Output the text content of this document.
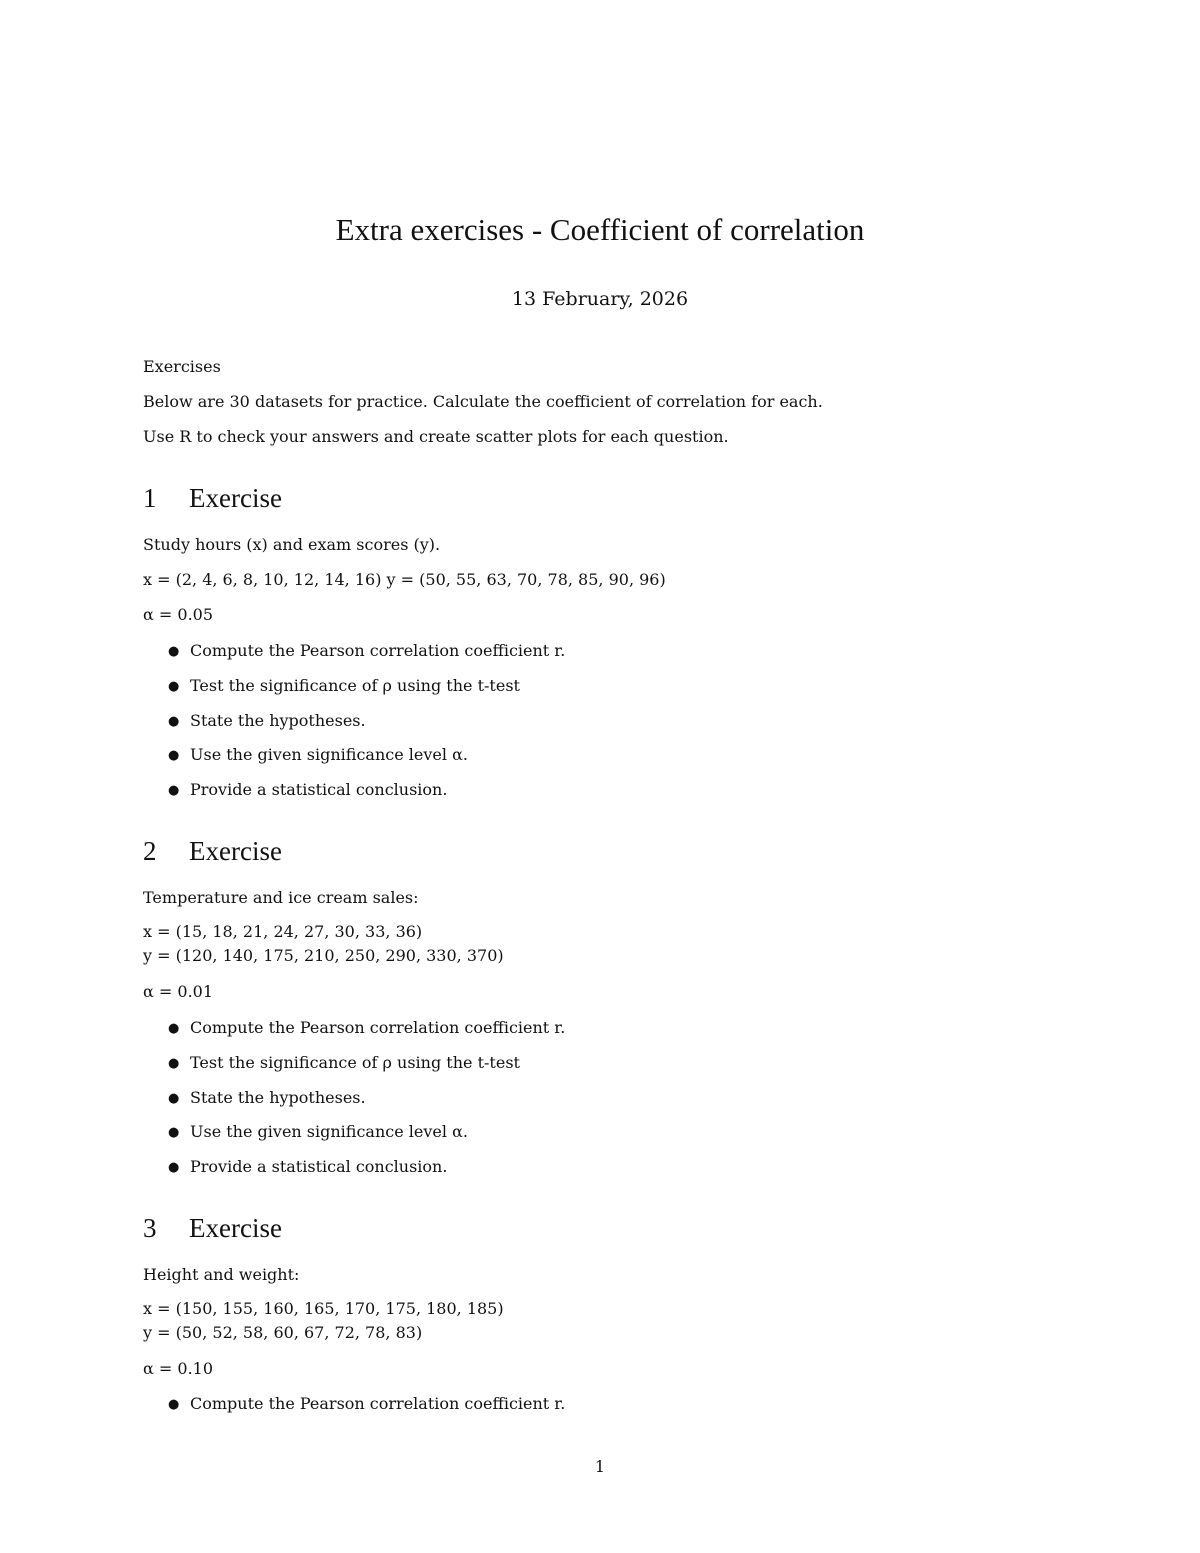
Extra exercises - Coefficient of correlation
13 February, 2026
Exercises
Below are 30 datasets for practice. Calculate the coefficient of correlation for each.
Use R to check your answers and create scatter plots for each question.
1 Exercise
Study hours (x) and exam scores (y).
x = (2, 4, 6, 8, 10, 12, 14, 16) y = (50, 55, 63, 70, 78, 85, 90, 96)
α = 0.05
● Compute the Pearson correlation coefficient r.
● Test the significance of ρ using the t-test
● State the hypotheses.
● Use the given significance level α.
● Provide a statistical conclusion.
2 Exercise
Temperature and ice cream sales:
x = (15, 18, 21, 24, 27, 30, 33, 36)
y = (120, 140, 175, 210, 250, 290, 330, 370)
α = 0.01
● Compute the Pearson correlation coefficient r.
● Test the significance of ρ using the t-test
● State the hypotheses.
● Use the given significance level α.
● Provide a statistical conclusion.
3 Exercise
Height and weight:
x = (150, 155, 160, 165, 170, 175, 180, 185)
y = (50, 52, 58, 60, 67, 72, 78, 83)
α = 0.10
● Compute the Pearson correlation coefficient r.
1
